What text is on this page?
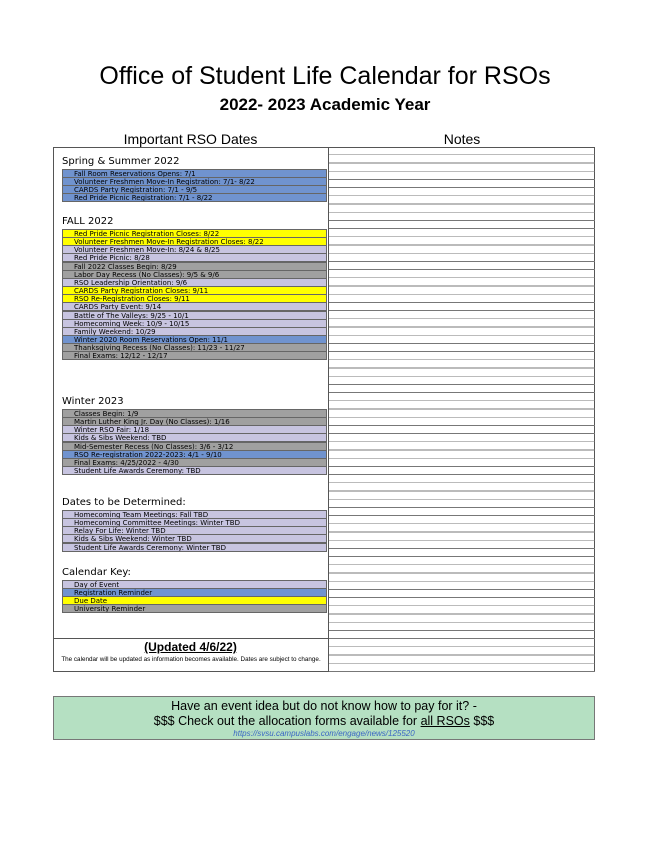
Office of Student Life Calendar for RSOs
2022- 2023 Academic Year
Important RSO Dates	Notes
Spring & Summer 2022
Fall Room Reservations Opens: 7/1
Volunteer Freshmen Move-In Registration: 7/1- 8/22
CARDS Party Registration: 7/1 - 9/5
Red Pride Picnic Registration: 7/1 - 8/22
FALL 2022
Red Pride Picnic Registration Closes: 8/22
Volunteer Freshmen Move-In Registration Closes: 8/22
Volunteer Freshmen Move-In: 8/24 & 8/25
Red Pride Picnic: 8/28
Fall 2022 Classes Begin: 8/29
Labor Day Recess (No Classes): 9/5 & 9/6
RSO Leadership Orientation: 9/6
CARDS Party Registration Closes: 9/11
RSO Re-Registration Closes: 9/11
CARDS Party Event: 9/14
Battle of The Valleys: 9/25 - 10/1
Homecoming Week: 10/9 - 10/15
Family Weekend: 10/29
Winter 2020 Room Reservations Open: 11/1
Thanksgiving Recess (No Classes): 11/23 - 11/27
Final Exams: 12/12 - 12/17
Winter 2023
Classes Begin: 1/9
Martin Luther King Jr. Day (No Classes): 1/16
Winter RSO Fair: 1/18
Kids & Sibs Weekend: TBD
Mid-Semester Recess (No Classes): 3/6 - 3/12
RSO Re-registration 2022-2023: 4/1 - 9/10
Final Exams: 4/25/2022 - 4/30
Student Life Awards Ceremony: TBD
Dates to be Determined:
Homecoming Team Meetings: Fall TBD
Homecoming Committee Meetings: Winter TBD
Relay For Life: Winter TBD
Kids & Sibs Weekend: Winter TBD
Student Life Awards Ceremony: Winter TBD
Calendar Key:
Day of Event
Registration Reminder
Due Date
University Reminder
(Updated 4/6/22)
The calendar will be updated as information becomes available. Dates are subject to change.
Have an event idea but do not know how to pay for it? -
$$$ Check out the allocation forms available for all RSOs $$$
https://svsu.campuslabs.com/engage/news/125520
